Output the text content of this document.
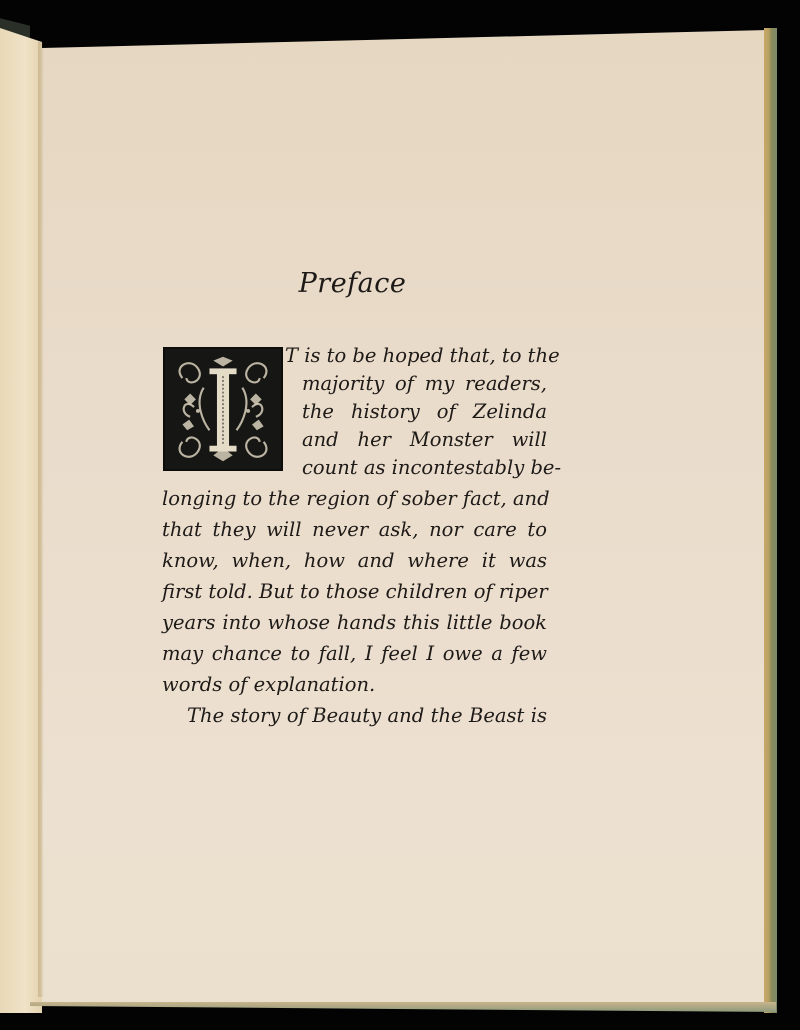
Preface
T is to be hoped that, to the
majority of my readers,
the history of Zelinda
and her Monster will
count as incontestably be-
longing to the region of sober fact, and
that they will never ask, nor care to
know, when, how and where it was
first told. But to those children of riper
years into whose hands this little book
may chance to fall, I feel I owe a few
words of explanation.
The story of Beauty and the Beast is
